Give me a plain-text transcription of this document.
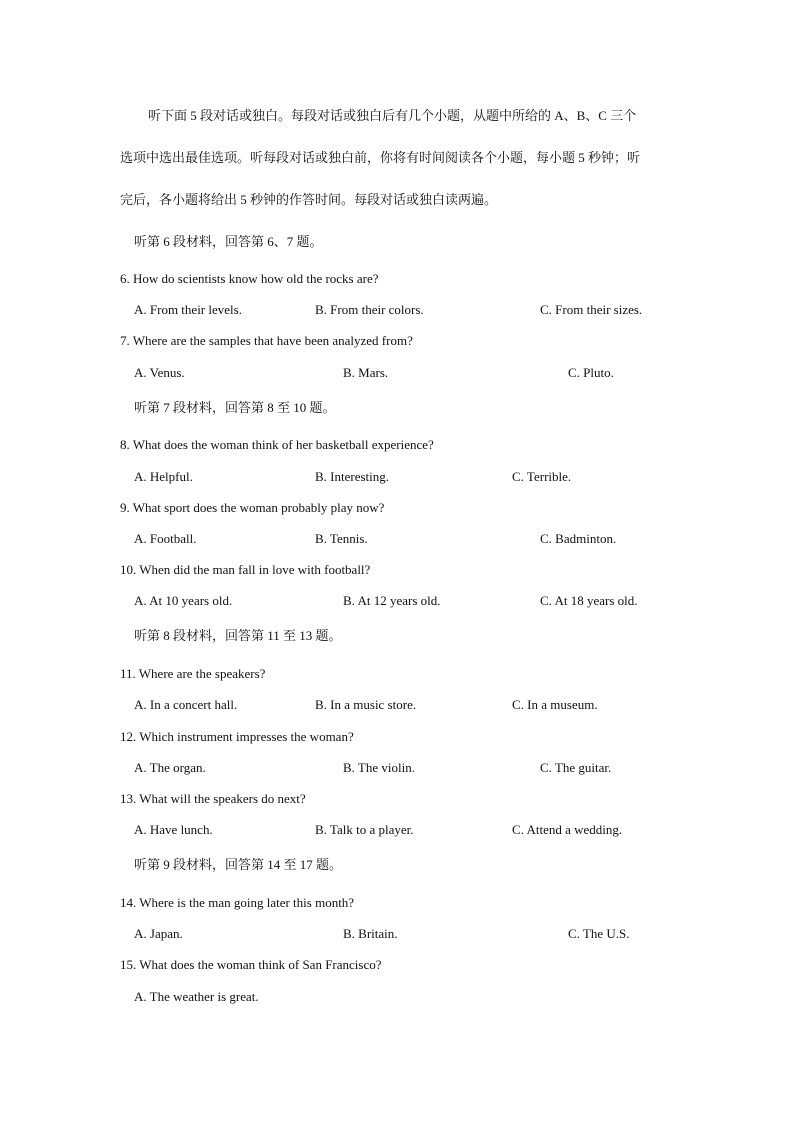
听下面 5 段对话或独白。每段对话或独白后有几个小题，从题中所给的 A、B、C 三个
选项中选出最佳选项。听每段对话或独白前，你将有时间阅读各个小题，每小题 5 秒钟；听
完后，各小题将给出 5 秒钟的作答时间。每段对话或独白读两遍。
听第 6 段材料，回答第 6、7 题。
6. How do scientists know how old the rocks are?
A. From their levels.	B. From their colors.	C. From their sizes.
7. Where are the samples that have been analyzed from?
A. Venus.	B. Mars.	C. Pluto.
听第 7 段材料，回答第 8 至 10 题。
8. What does the woman think of her basketball experience?
A. Helpful.	B. Interesting.	C. Terrible.
9. What sport does the woman probably play now?
A. Football.	B. Tennis.	C. Badminton.
10. When did the man fall in love with football?
A. At 10 years old.	B. At 12 years old.	C. At 18 years old.
听第 8 段材料，回答第 11 至 13 题。
11. Where are the speakers?
A. In a concert hall.	B. In a music store.	C. In a museum.
12. Which instrument impresses the woman?
A. The organ.	B. The violin.	C. The guitar.
13. What will the speakers do next?
A. Have lunch.	B. Talk to a player.	C. Attend a wedding.
听第 9 段材料，回答第 14 至 17 题。
14. Where is the man going later this month?
A. Japan.	B. Britain.	C. The U.S.
15. What does the woman think of San Francisco?
A. The weather is great.
